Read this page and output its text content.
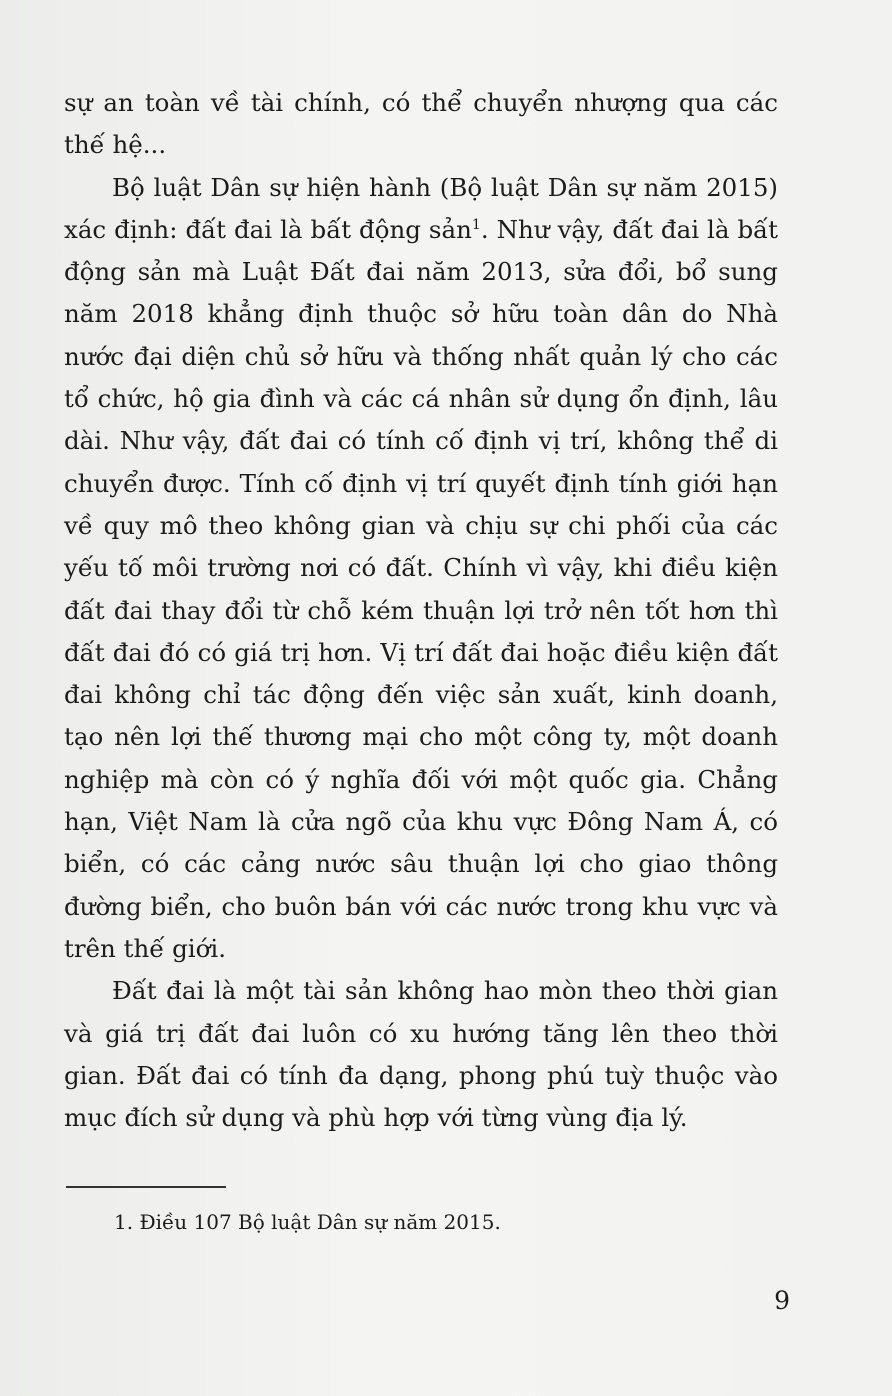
sự an toàn về tài chính, có thể chuyển nhượng qua các thế hệ...

Bộ luật Dân sự hiện hành (Bộ luật Dân sự năm 2015) xác định: đất đai là bất động sản$^1$. Như vậy, đất đai là bất động sản mà Luật Đất đai năm 2013, sửa đổi, bổ sung năm 2018 khẳng định thuộc sở hữu toàn dân do Nhà nước đại diện chủ sở hữu và thống nhất quản lý cho các tổ chức, hộ gia đình và các cá nhân sử dụng ổn định, lâu dài. Như vậy, đất đai có tính cố định vị trí, không thể di chuyển được. Tính cố định vị trí quyết định tính giới hạn về quy mô theo không gian và chịu sự chi phối của các yếu tố môi trường nơi có đất. Chính vì vậy, khi điều kiện đất đai thay đổi từ chỗ kém thuận lợi trở nên tốt hơn thì đất đai đó có giá trị hơn. Vị trí đất đai hoặc điều kiện đất đai không chỉ tác động đến việc sản xuất, kinh doanh, tạo nên lợi thế thương mại cho một công ty, một doanh nghiệp mà còn có ý nghĩa đối với một quốc gia. Chẳng hạn, Việt Nam là cửa ngõ của khu vực Đông Nam Á, có biển, có các cảng nước sâu thuận lợi cho giao thông đường biển, cho buôn bán với các nước trong khu vực và trên thế giới.

Đất đai là một tài sản không hao mòn theo thời gian và giá trị đất đai luôn có xu hướng tăng lên theo thời gian. Đất đai có tính đa dạng, phong phú tuỳ thuộc vào mục đích sử dụng và phù hợp với từng vùng địa lý.

1. Điều 107 Bộ luật Dân sự năm 2015.
9
